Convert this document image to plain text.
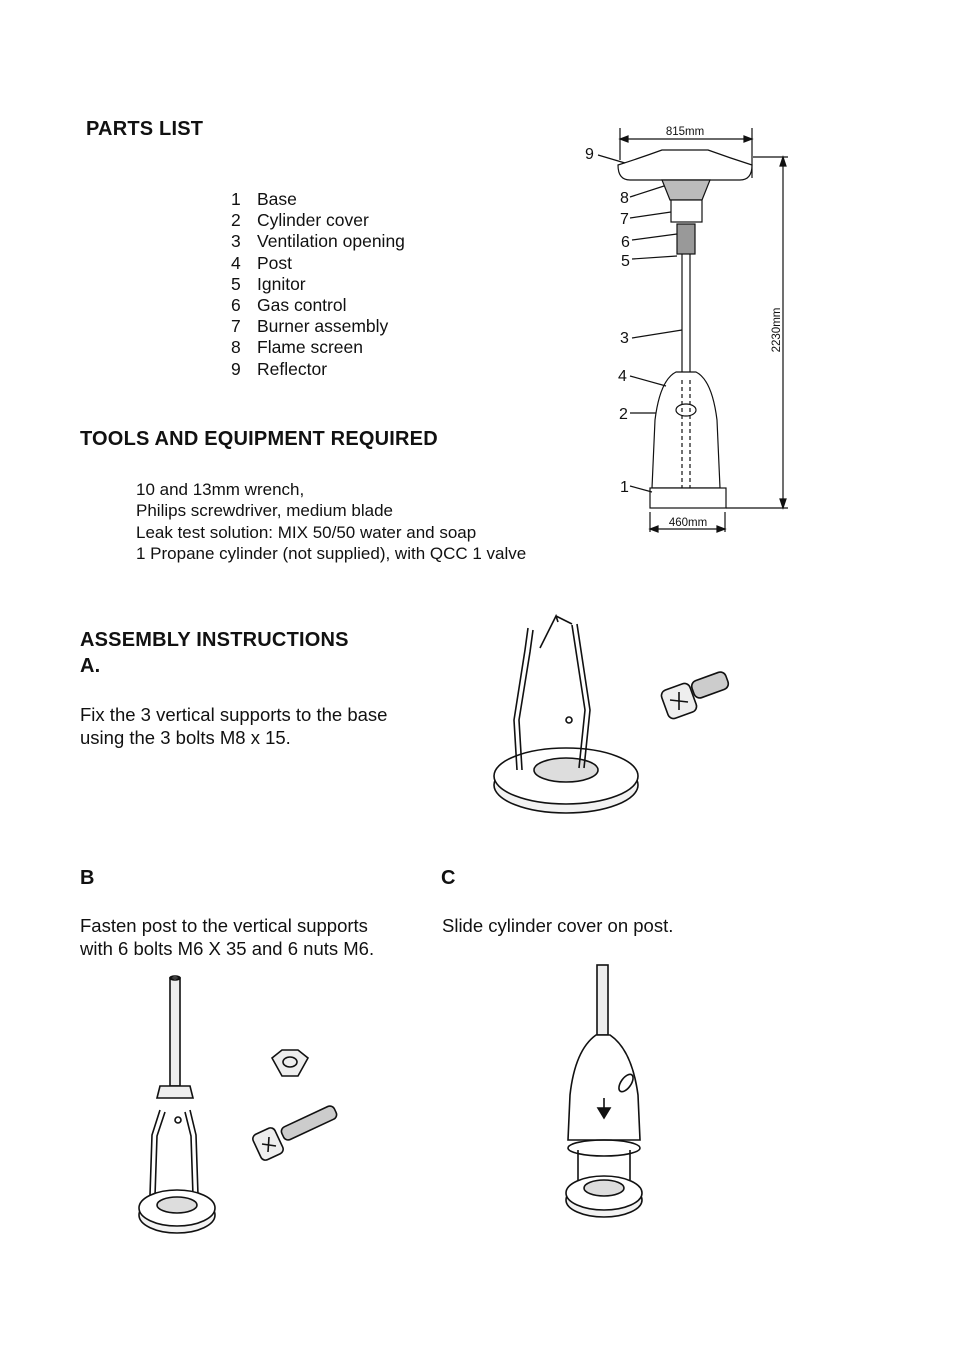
PARTS LIST
1 Base
2 Cylinder cover
3 Ventilation opening
4 Post
5 Ignitor
6 Gas control
7 Burner assembly
8 Flame screen
9 Reflector
TOOLS AND EQUIPMENT REQUIRED
10 and 13mm wrench,
Philips screwdriver, medium blade
Leak test solution: MIX 50/50 water and soap
1 Propane cylinder (not supplied), with QCC 1 valve
815mm
2230mm
460mm
9
8
7
6
5
3
4
2
1
ASSEMBLY INSTRUCTIONS
A.
Fix the 3 vertical supports to the base
using the 3 bolts M8 x 15.
B
Fasten post to the vertical supports
with 6 bolts M6 X 35 and 6 nuts M6.
C
Slide cylinder cover on post.
